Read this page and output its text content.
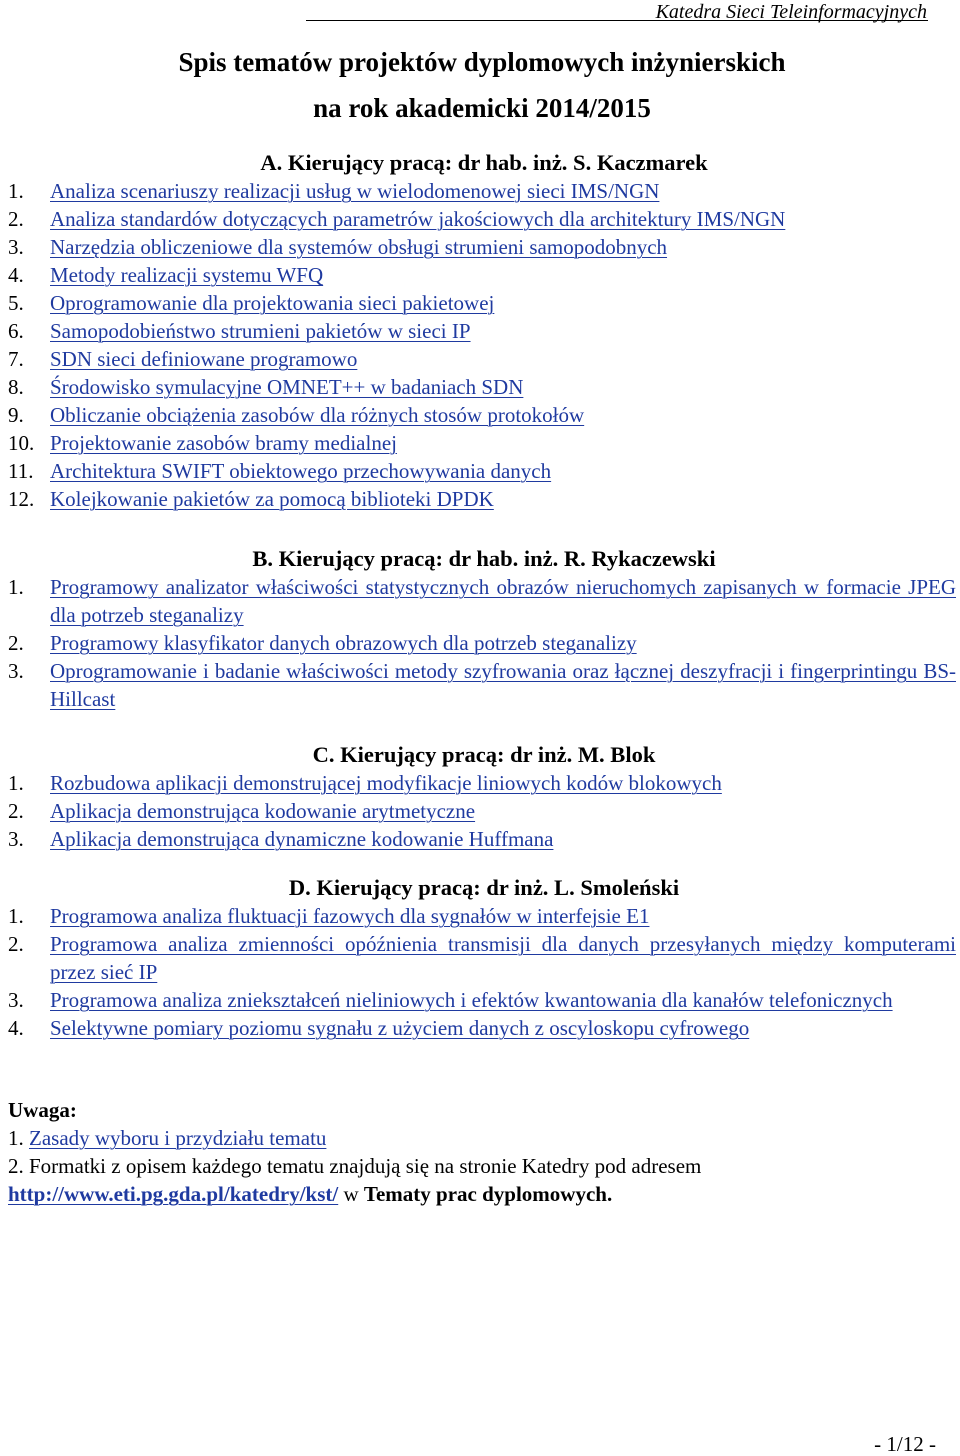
Katedra Sieci Teleinformacyjnych
Spis tematów projektów dyplomowych inżynierskich
na rok akademicki 2014/2015
A. Kierujący pracą: dr hab. inż. S. Kaczmarek
1. Analiza scenariuszy realizacji usług w wielodomenowej sieci IMS/NGN
2. Analiza standardów dotyczących parametrów jakościowych dla architektury IMS/NGN
3. Narzędzia obliczeniowe dla systemów obsługi strumieni samopodobnych
4. Metody realizacji systemu WFQ
5. Oprogramowanie dla projektowania sieci pakietowej
6. Samopodobieństwo strumieni pakietów w sieci IP
7. SDN sieci definiowane programowo
8. Środowisko symulacyjne OMNET++ w badaniach SDN
9. Obliczanie obciążenia zasobów dla różnych stosów protokołów
10. Projektowanie zasobów bramy medialnej
11. Architektura SWIFT obiektowego przechowywania danych
12. Kolejkowanie pakietów za pomocą biblioteki DPDK
B. Kierujący pracą: dr hab. inż. R. Rykaczewski
1. Programowy analizator właściwości statystycznych obrazów nieruchomych zapisanych w formacie JPEG dla potrzeb steganalizy
2. Programowy klasyfikator danych obrazowych dla potrzeb steganalizy
3. Oprogramowanie i badanie właściwości metody szyfrowania oraz łącznej deszyfracji i fingerprintingu BS-Hillcast
C. Kierujący pracą: dr inż. M. Blok
1. Rozbudowa aplikacji demonstrującej modyfikacje liniowych kodów blokowych
2. Aplikacja demonstrująca kodowanie arytmetyczne
3. Aplikacja demonstrująca dynamiczne kodowanie Huffmana
D. Kierujący pracą: dr inż. L. Smoleński
1. Programowa analiza fluktuacji fazowych dla sygnałów w interfejsie E1
2. Programowa analiza zmienności opóźnienia transmisji dla danych przesyłanych między komputerami przez sieć IP
3. Programowa analiza zniekształceń nieliniowych i efektów kwantowania dla kanałów telefonicznych
4. Selektywne pomiary poziomu sygnału z użyciem danych z oscyloskopu cyfrowego

Uwaga:

1. Zasady wyboru i przydziału tematu

2. Formatki z opisem każdego tematu znajdują się na stronie Katedry pod adresem

http://www.eti.pg.gda.pl/katedry/kst/ w Tematy prac dyplomowych.

- 1/12 -
